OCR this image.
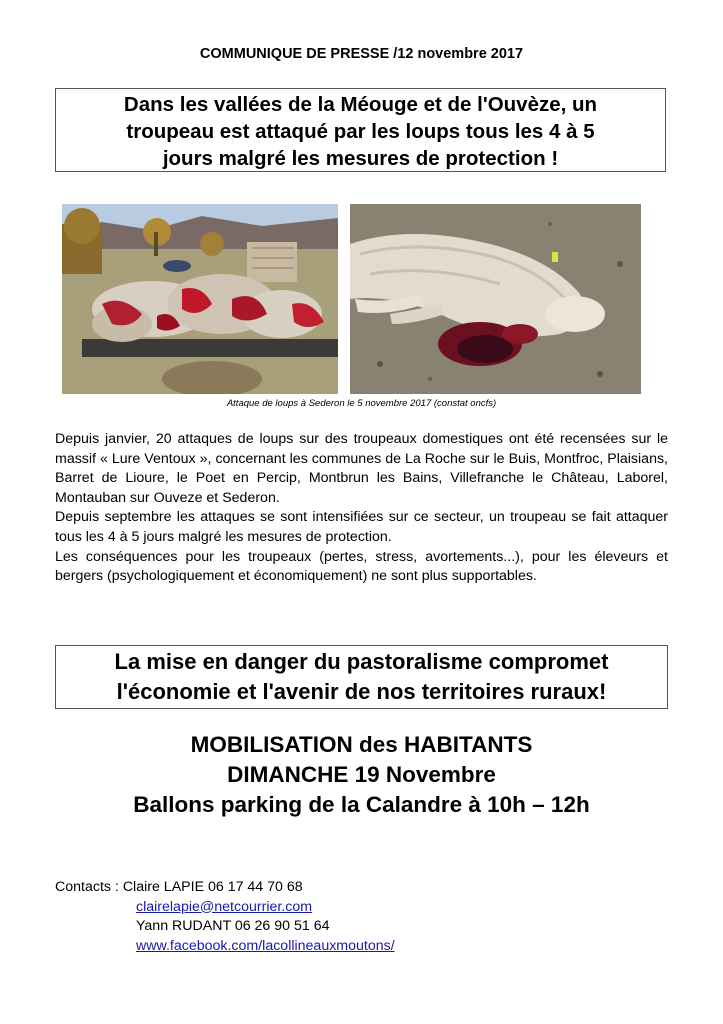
COMMUNIQUE DE PRESSE /12 novembre 2017
Dans les vallées de la Méouge et de l'Ouvèze, un
troupeau est attaqué par les loups tous les 4 à 5
jours malgré les mesures de protection !
Attaque de loups à Sederon le 5 novembre 2017 (constat oncfs)

Depuis janvier, 20 attaques de loups sur des troupeaux domestiques ont été recensées sur le massif « Lure Ventoux », concernant les communes de La Roche sur le Buis, Montfroc, Plaisians, Barret de Lioure, le Poet en Percip, Montbrun les Bains, Villefranche le Château, Laborel, Montauban sur Ouveze et Sederon.

Depuis septembre les attaques se sont intensifiées sur ce secteur, un troupeau se fait attaquer tous les 4 à 5 jours malgré les mesures de protection.

Les conséquences pour les troupeaux (pertes, stress, avortements...), pour les éleveurs et bergers (psychologiquement et économiquement) ne sont plus supportables.

La mise en danger du pastoralisme compromet
l'économie et l'avenir de nos territoires ruraux!
MOBILISATION des HABITANTS
DIMANCHE 19 Novembre
Ballons parking de la Calandre à 10h – 12h
Contacts : Claire LAPIE 06 17 44 70 68
clairelapie@netcourrier.com
Yann RUDANT 06 26 90 51 64
www.facebook.com/lacollineauxmoutons/
